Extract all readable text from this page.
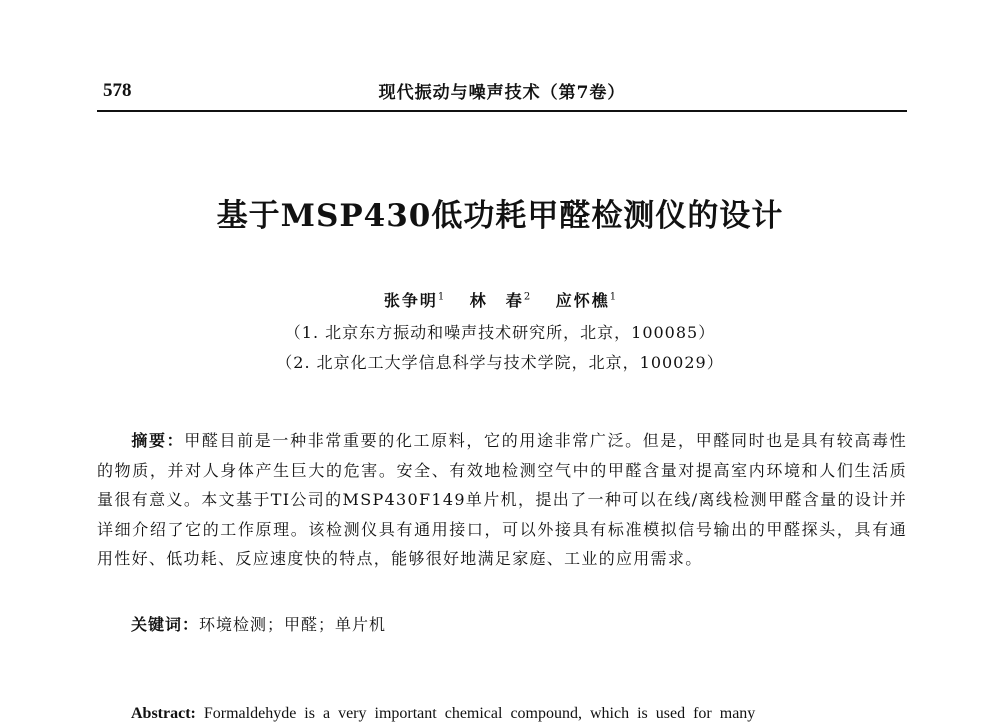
578	现代振动与噪声技术（第7卷）
基于MSP430低功耗甲醛检测仪的设计
张争明$^1$ 林　春$^2$ 应怀樵$^1$
（1. 北京东方振动和噪声技术研究所，北京，100085）
（2. 北京化工大学信息科学与技术学院，北京，100029）
摘要：甲醛目前是一种非常重要的化工原料，它的用途非常广泛。但是，甲醛同时也是具有较高毒性的物质，并对人身体产生巨大的危害。安全、有效地检测空气中的甲醛含量对提高室内环境和人们生活质量很有意义。本文基于TI公司的MSP430F149单片机，提出了一种可以在线/离线检测甲醛含量的设计并详细介绍了它的工作原理。该检测仪具有通用接口，可以外接具有标准模拟信号输出的甲醛探头，具有通用性好、低功耗、反应速度快的特点，能够很好地满足家庭、工业的应用需求。
关键词：环境检测；甲醛；单片机
Abstract: Formaldehyde is a very important chemical compound, which is used for many
